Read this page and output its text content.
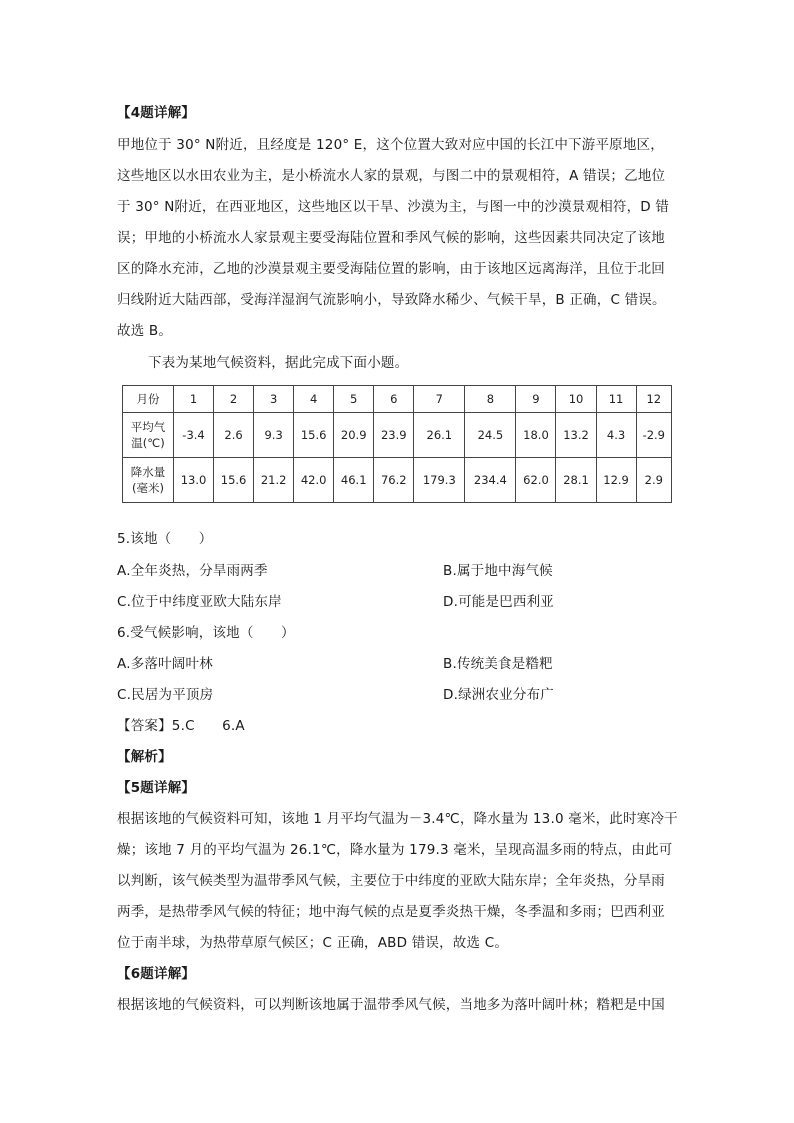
【4题详解】
甲地位于 30° N附近，且经度是 120° E，这个位置大致对应中国的长江中下游平原地区，
这些地区以水田农业为主，是小桥流水人家的景观，与图二中的景观相符，A 错误；乙地位
于 30° N附近，在西亚地区，这些地区以干旱、沙漠为主，与图一中的沙漠景观相符，D 错
误；甲地的小桥流水人家景观主要受海陆位置和季风气候的影响，这些因素共同决定了该地
区的降水充沛，乙地的沙漠景观主要受海陆位置的影响，由于该地区远离海洋，且位于北回
归线附近大陆西部，受海洋湿润气流影响小，导致降水稀少、气候干旱，B 正确，C 错误。
故选 B。
下表为某地气候资料，据此完成下面小题。
月份	1	2	3	4	5	6	7	8	9	10	11	12

平均气
温(℃)	-3.4	2.6	9.3	15.6	20.9	23.9	26.1	24.5	18.0	13.2	4.3	-2.9

降水量
(毫米)	13.0	15.6	21.2	42.0	46.1	76.2	179.3	234.4	62.0	28.1	12.9	2.9
5.该地（　　）
A.全年炎热，分旱雨两季	B.属于地中海气候
C.位于中纬度亚欧大陆东岸	D.可能是巴西利亚
6.受气候影响，该地（　　）
A.多落叶阔叶林	B.传统美食是糌粑
C.民居为平顶房	D.绿洲农业分布广
【答案】5.C　　6.A
【解析】
【5题详解】
根据该地的气候资料可知，该地 1 月平均气温为－3.4℃，降水量为 13.0 毫米，此时寒冷干
燥；该地 7 月的平均气温为 26.1℃，降水量为 179.3 毫米，呈现高温多雨的特点，由此可
以判断，该气候类型为温带季风气候，主要位于中纬度的亚欧大陆东岸；全年炎热，分旱雨
两季，是热带季风气候的特征；地中海气候的点是夏季炎热干燥，冬季温和多雨；巴西利亚
位于南半球，为热带草原气候区；C 正确，ABD 错误，故选 C。
【6题详解】
根据该地的气候资料，可以判断该地属于温带季风气候，当地多为落叶阔叶林；糌粑是中国
